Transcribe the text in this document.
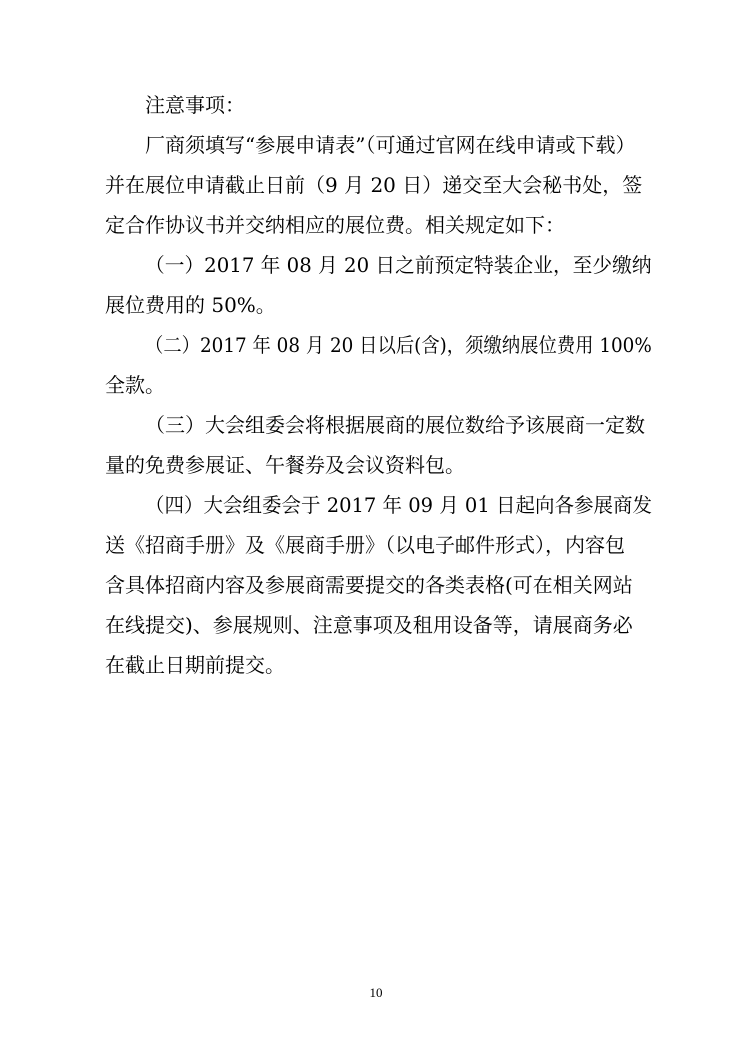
注意事项：
厂商须填写“参展申请表”（可通过官网在线申请或下载）
并在展位申请截止日前（9 月 20 日）递交至大会秘书处，签
定合作协议书并交纳相应的展位费。相关规定如下：
（一）2017 年 08 月 20 日之前预定特装企业，至少缴纳
展位费用的 50%。
（二）2017 年 08 月 20 日以后(含)，须缴纳展位费用 100%
全款。
（三）大会组委会将根据展商的展位数给予该展商一定数
量的免费参展证、午餐券及会议资料包。
（四）大会组委会于 2017 年 09 月 01 日起向各参展商发
送《招商手册》及《展商手册》（以电子邮件形式），内容包
含具体招商内容及参展商需要提交的各类表格(可在相关网站
在线提交)、参展规则、注意事项及租用设备等，请展商务必
在截止日期前提交。
10
